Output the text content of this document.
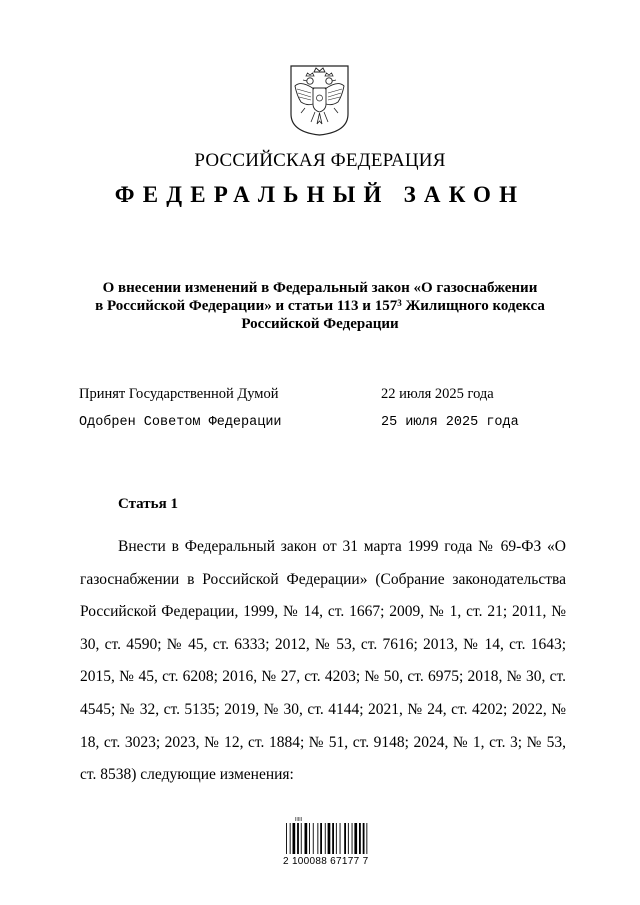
РОССИЙСКАЯ ФЕДЕРАЦИЯ
ФЕДЕРАЛЬНЫЙ ЗАКОН
О внесении изменений в Федеральный закон «О газоснабжении
в Российской Федерации» и статьи 113 и $157^3$ Жилищного кодекса
Российской Федерации
Принят Государственной Думой	22 июля 2025 года
Одобрен Советом Федерации	25 июля 2025 года
Статья 1

Внести в Федеральный закон от 31 марта 1999 года № 69-ФЗ «О газоснабжении в Российской Федерации» (Собрание законодательства Российской Федерации, 1999, № 14, ст. 1667; 2009, № 1, ст. 21; 2011, № 30, ст. 4590; № 45, ст. 6333; 2012, № 53, ст. 7616; 2013, № 14, ст. 1643; 2015, № 45, ст. 6208; 2016, № 27, ст. 4203; № 50, ст. 6975; 2018, № 30, ст. 4545; № 32, ст. 5135; 2019, № 30, ст. 4144; 2021, № 24, ст. 4202; 2022, № 18, ст. 3023; 2023, № 12, ст. 1884; № 51, ст. 9148; 2024, № 1, ст. 3; № 53, ст. 8538) следующие изменения:

ǀǀǀǀǀ
2 100088 67177 7
